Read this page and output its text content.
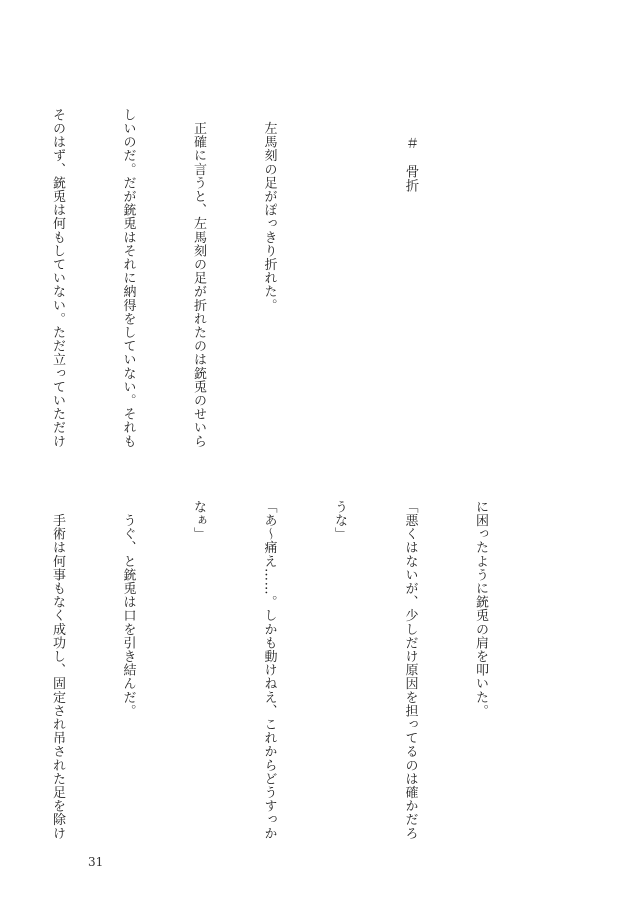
　　＃　骨折

　左馬刻の足がぽっきり折れた。

　正確に言うと、左馬刻の足が折れたのは銃兎のせいら

しいのだ。だが銃兎はそれに納得をしていない。それも

そのはず、銃兎は何もしていない。ただ立っていただけ

に困ったように銃兎の肩を叩いた。

「悪くはないが、少しだけ原因を担ってるのは確かだろ

うな」

「あ〜痛え……。しかも動けねえ、これからどうすっか

なぁ」

　うぐ、と銃兎は口を引き結んだ。

　手術は何事もなく成功し、固定され吊された足を除け

31
